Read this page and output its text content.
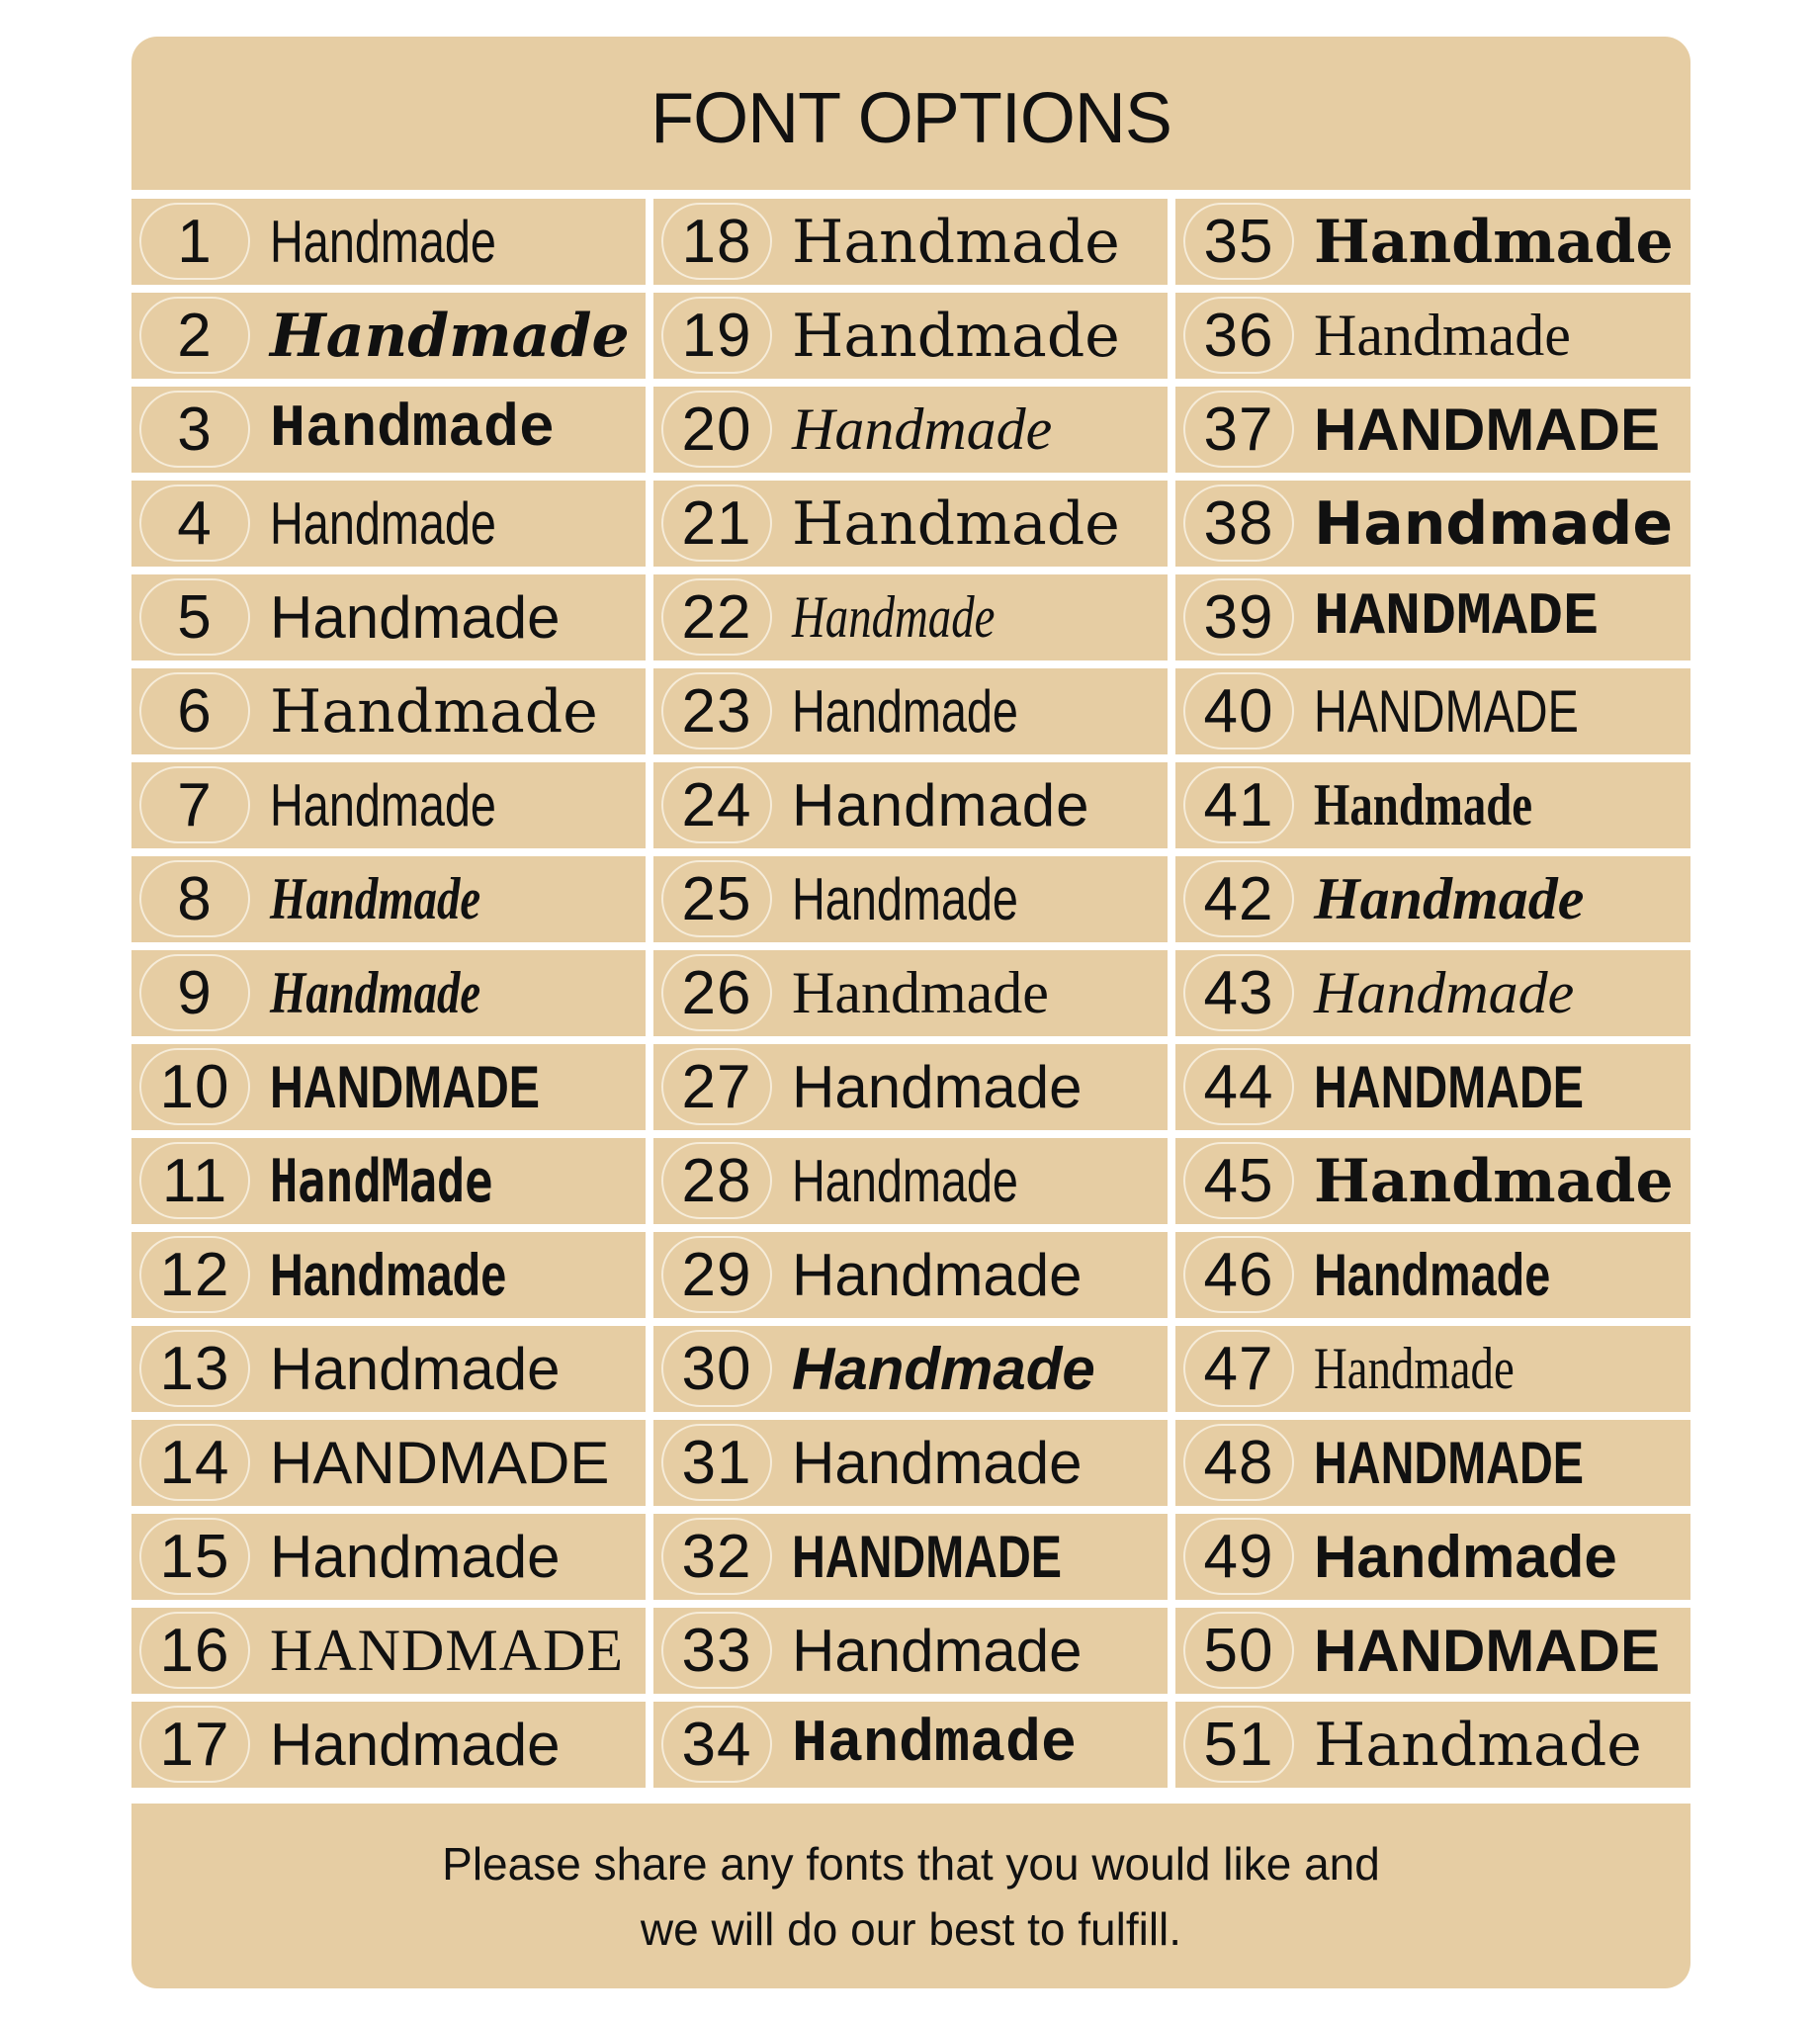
FONT OPTIONS
1 Handmade	18 Handmade	35 Handmade
2 Handmade 19 Handmade	36 Handmade
3 Handmade	20 Handmade	37 HANDMADE
4 Handmade	21 Handmade	38 Handmade
5 Handmade	22 Handmade	39 HANDMADE
6 Handmade	23 Handmade	40 HANDMADE
7 Handmade	24 Handmade	41 Handmade
8 Handmade	25 Handmade	42 Handmade
9 Handmade	26 Handmade	43 Handmade
10 HANDMADE	27 Handmade	44 HANDMADE
11 HandMade	28 Handmade	45 Handmade
12 Handmade	29 Handmade	46 Handmade
13 Handmade	30 Handmade	47 Handmade
14 HANDMADE	31 Handmade	48 HANDMADE
15 Handmade	32 HANDMADE	49 Handmade
16 HANDMADE 33 Handmade	50 HANDMADE
17 Handmade	34 Handmade	51 Handmade
Please share any fonts that you would like and
we will do our best to fulfill.
